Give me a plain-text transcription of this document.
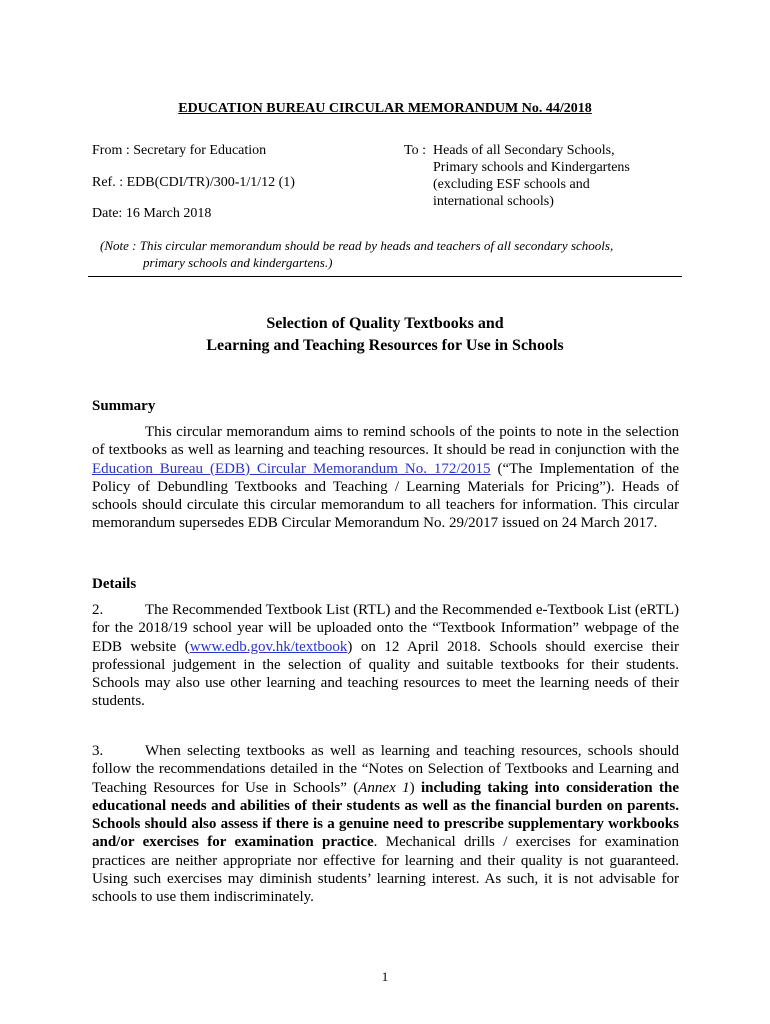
EDUCATION BUREAU CIRCULAR MEMORANDUM No. 44/2018
From : Secretary for Education
Ref. : EDB(CDI/TR)/300-1/1/12 (1)
Date: 16 March 2018
To : Heads of all Secondary Schools,
Primary schools and Kindergartens
(excluding ESF schools and
international schools)
(Note : This circular memorandum should be read by heads and teachers of all secondary schools,
primary schools and kindergartens.)
Selection of Quality Textbooks and
Learning and Teaching Resources for Use in Schools
Summary
This circular memorandum aims to remind schools of the points to note in the selection of textbooks as well as learning and teaching resources. It should be read in conjunction with the Education Bureau (EDB) Circular Memorandum No. 172/2015 (“The Implementation of the Policy of Debundling Textbooks and Teaching / Learning Materials for Pricing”). Heads of schools should circulate this circular memorandum to all teachers for information. This circular memorandum supersedes EDB Circular Memorandum No. 29/2017 issued on 24 March 2017.
Details
2.	The Recommended Textbook List (RTL) and the Recommended e-Textbook List (eRTL) for the 2018/19 school year will be uploaded onto the “Textbook Information” webpage of the EDB website (www.edb.gov.hk/textbook) on 12 April 2018. Schools should exercise their professional judgement in the selection of quality and suitable textbooks for their students. Schools may also use other learning and teaching resources to meet the learning needs of their students.
3.	When selecting textbooks as well as learning and teaching resources, schools should follow the recommendations detailed in the “Notes on Selection of Textbooks and Learning and Teaching Resources for Use in Schools” (Annex 1) including taking into consideration the educational needs and abilities of their students as well as the financial burden on parents. Schools should also assess if there is a genuine need to prescribe supplementary workbooks and/or exercises for examination practice. Mechanical drills / exercises for examination practices are neither appropriate nor effective for learning and their quality is not guaranteed. Using such exercises may diminish students’ learning interest. As such, it is not advisable for schools to use them indiscriminately.
1
